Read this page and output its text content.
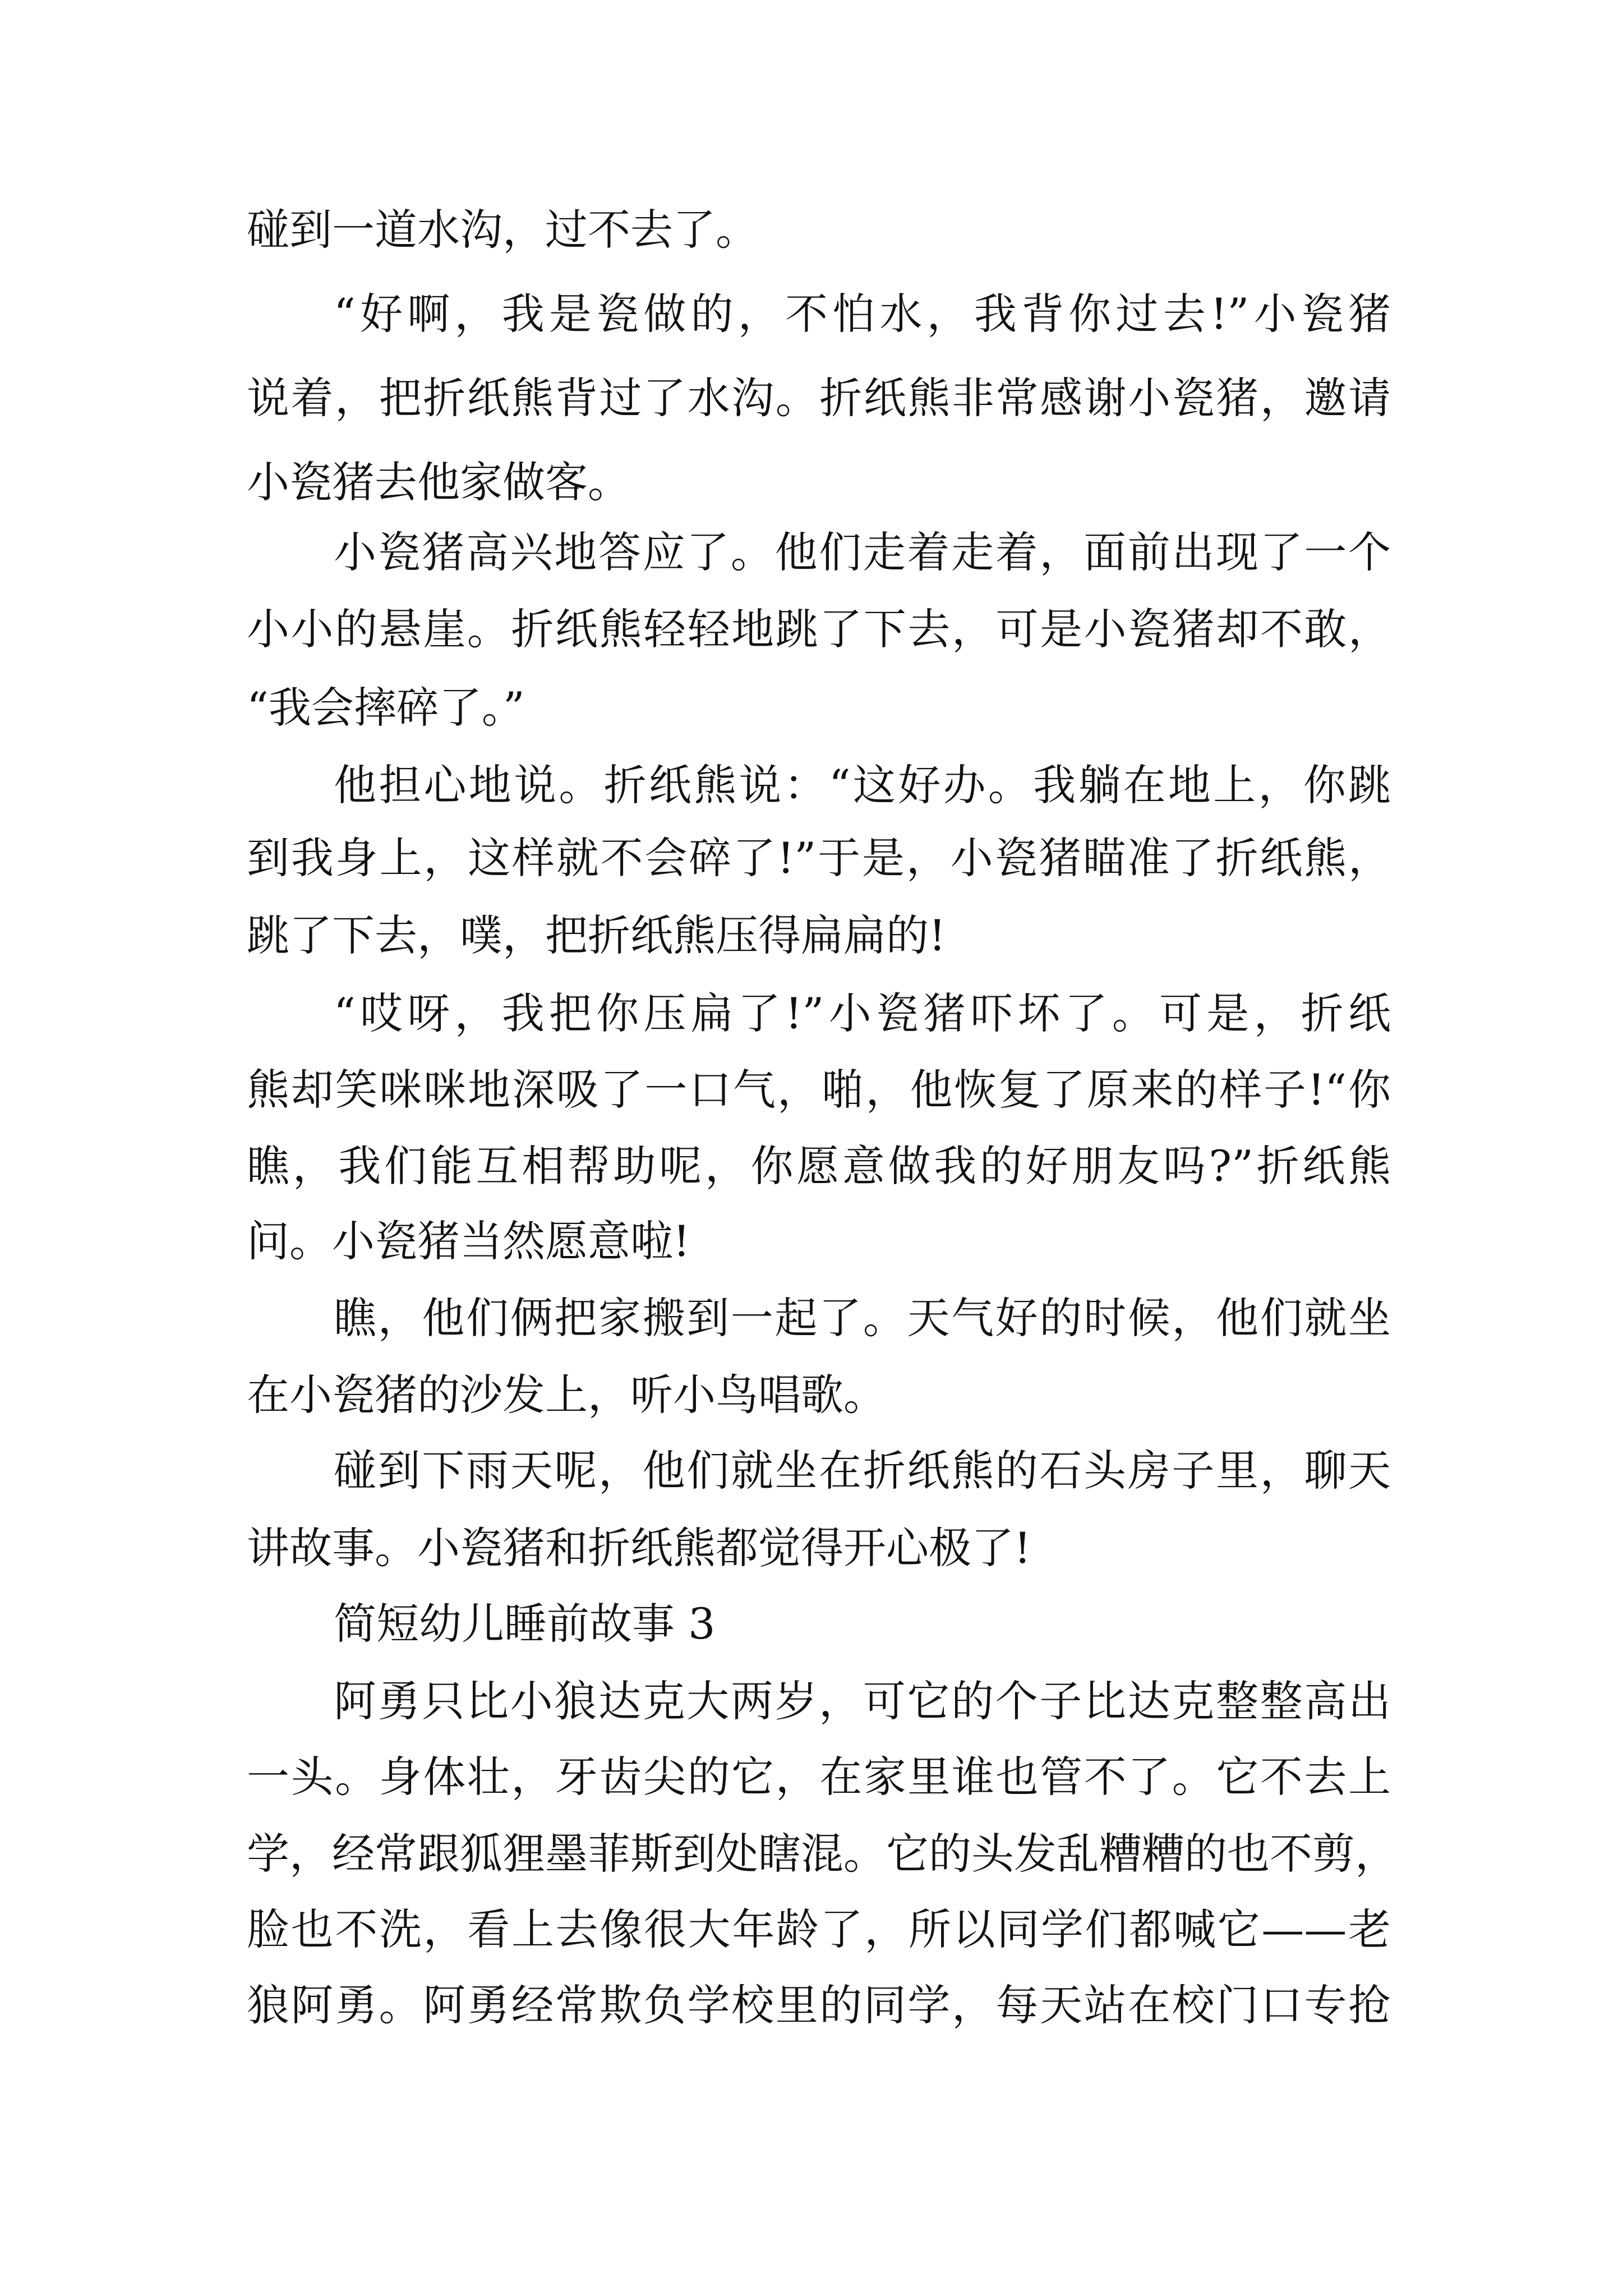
碰到一道水沟，过不去了。
“好啊，我是瓷做的，不怕水，我背你过去!”小瓷猪
说着，把折纸熊背过了水沟。折纸熊非常感谢小瓷猪，邀请
小瓷猪去他家做客。
小瓷猪高兴地答应了。他们走着走着，面前出现了一个
小小的悬崖。折纸熊轻轻地跳了下去，可是小瓷猪却不敢，
“我会摔碎了。”
他担心地说。折纸熊说：“这好办。我躺在地上，你跳
到我身上，这样就不会碎了!”于是，小瓷猪瞄准了折纸熊，
跳了下去，噗，把折纸熊压得扁扁的!
“哎呀，我把你压扁了!”小瓷猪吓坏了。可是，折纸
熊却笑咪咪地深吸了一口气，啪，他恢复了原来的样子!“你
瞧，我们能互相帮助呢，你愿意做我的好朋友吗?”折纸熊
问。小瓷猪当然愿意啦!
瞧，他们俩把家搬到一起了。天气好的时候，他们就坐
在小瓷猪的沙发上，听小鸟唱歌。
碰到下雨天呢，他们就坐在折纸熊的石头房子里，聊天
讲故事。小瓷猪和折纸熊都觉得开心极了!
简短幼儿睡前故事 3
阿勇只比小狼达克大两岁，可它的个子比达克整整高出
一头。身体壮，牙齿尖的它，在家里谁也管不了。它不去上
学，经常跟狐狸墨菲斯到处瞎混。它的头发乱糟糟的也不剪，
脸也不洗，看上去像很大年龄了，所以同学们都喊它——老
狼阿勇。阿勇经常欺负学校里的同学，每天站在校门口专抢
